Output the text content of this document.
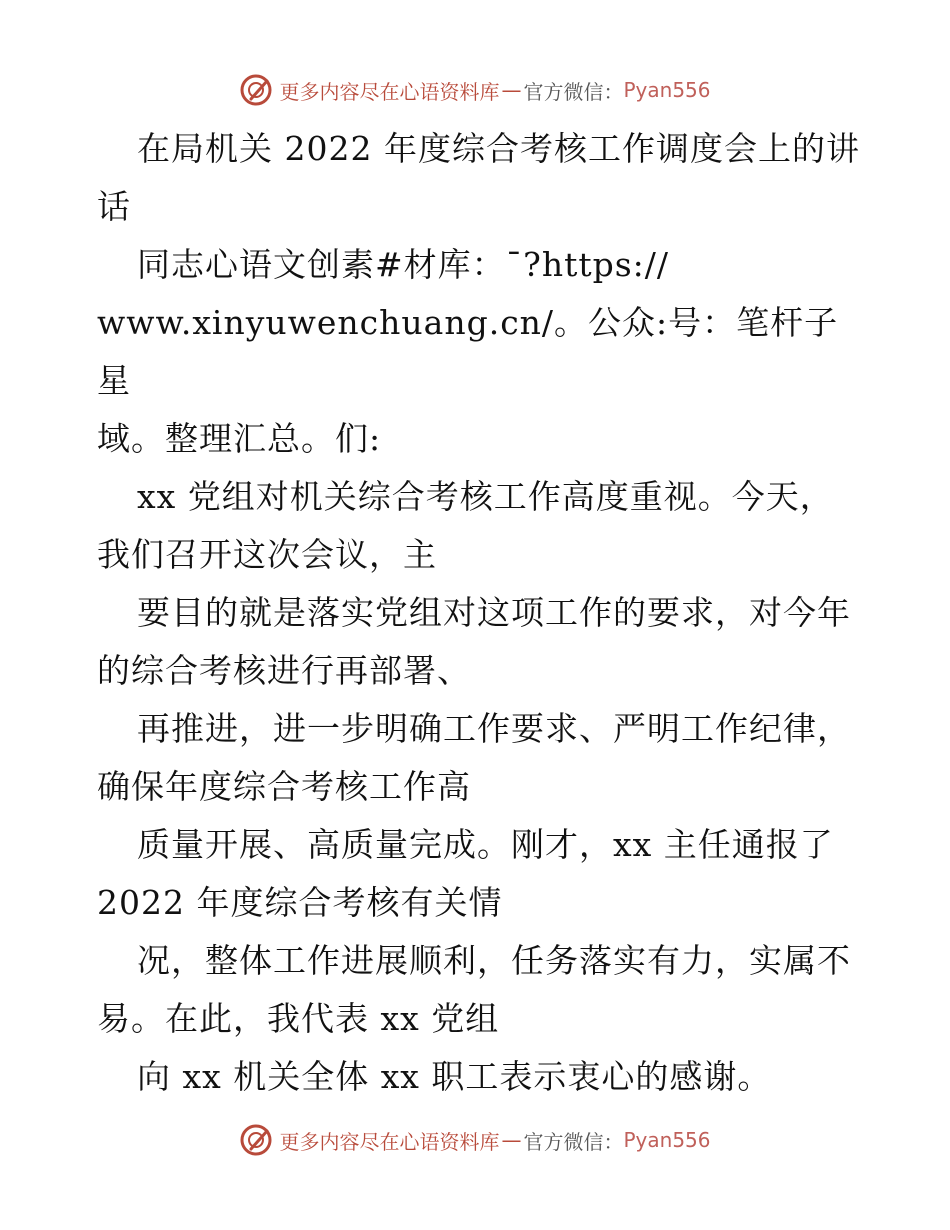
更多内容尽在心语资料库 — 官方微信： Pyan556
在局机关 2022 年度综合考核工作调度会上的讲
话
同志心语文创素#材库：¯?https://
www.xinyuwenchuang.cn/。公众:号：笔杆子星
域。整理汇总。们:
xx 党组对机关综合考核工作高度重视。今天，
我们召开这次会议，主
要目的就是落实党组对这项工作的要求，对今年
的综合考核进行再部署、
再推进，进一步明确工作要求、严明工作纪律，
确保年度综合考核工作高
质量开展、高质量完成。刚才，xx 主任通报了
2022 年度综合考核有关情
况，整体工作进展顺利，任务落实有力，实属不
易。在此，我代表 xx 党组
向 xx 机关全体 xx 职工表示衷心的感谢。
更多内容尽在心语资料库 — 官方微信： Pyan556
